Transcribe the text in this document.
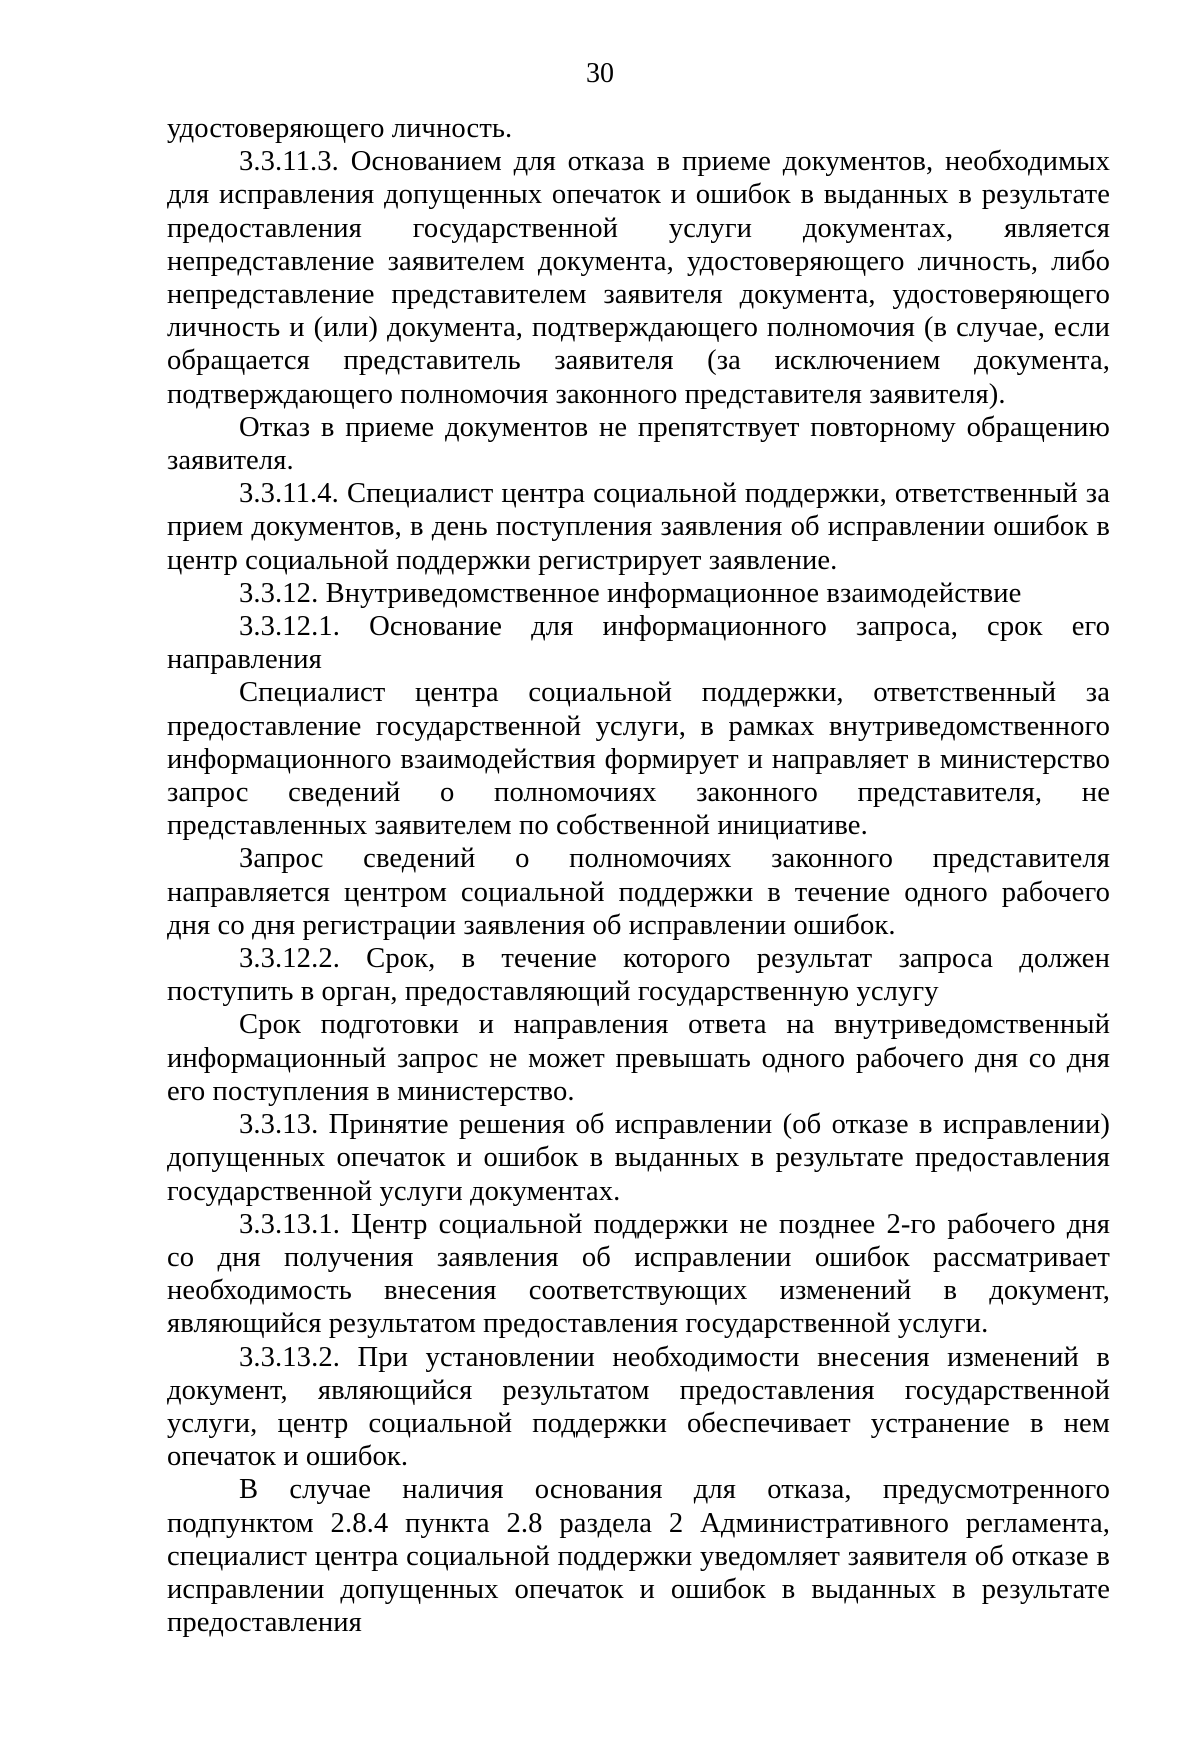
30

удостоверяющего личность.

3.3.11.3. Основанием для отказа в приеме документов, необходимых для исправления допущенных опечаток и ошибок в выданных в результате предоставления государственной услуги документах, является непредставление заявителем документа, удостоверяющего личность, либо непредставление представителем заявителя документа, удостоверяющего личность и (или) документа, подтверждающего полномочия (в случае, если обращается представитель заявителя (за исключением документа, подтверждающего полномочия законного представителя заявителя).

Отказ в приеме документов не препятствует повторному обращению заявителя.

3.3.11.4. Специалист центра социальной поддержки, ответственный за прием документов, в день поступления заявления об исправлении ошибок в центр социальной поддержки регистрирует заявление.

3.3.12. Внутриведомственное информационное взаимодействие

3.3.12.1. Основание для информационного запроса, срок его направления

Специалист центра социальной поддержки, ответственный за предоставление государственной услуги, в рамках внутриведомственного информационного взаимодействия формирует и направляет в министерство запрос сведений о полномочиях законного представителя, не представленных заявителем по собственной инициативе.

Запрос сведений о полномочиях законного представителя направляется центром социальной поддержки в течение одного рабочего дня со дня регистрации заявления об исправлении ошибок.

3.3.12.2. Срок, в течение которого результат запроса должен поступить в орган, предоставляющий государственную услугу

Срок подготовки и направления ответа на внутриведомственный информационный запрос не может превышать одного рабочего дня со дня его поступления в министерство.

3.3.13. Принятие решения об исправлении (об отказе в исправлении) допущенных опечаток и ошибок в выданных в результате предоставления государственной услуги документах.

3.3.13.1. Центр социальной поддержки не позднее 2-го рабочего дня со дня получения заявления об исправлении ошибок рассматривает необходимость внесения соответствующих изменений в документ, являющийся результатом предоставления государственной услуги.

3.3.13.2. При установлении необходимости внесения изменений в документ, являющийся результатом предоставления государственной услуги, центр социальной поддержки обеспечивает устранение в нем опечаток и ошибок.

В случае наличия основания для отказа, предусмотренного подпунктом 2.8.4 пункта 2.8 раздела 2 Административного регламента, специалист центра социальной поддержки уведомляет заявителя об отказе в исправлении допущенных опечаток и ошибок в выданных в результате предоставления
